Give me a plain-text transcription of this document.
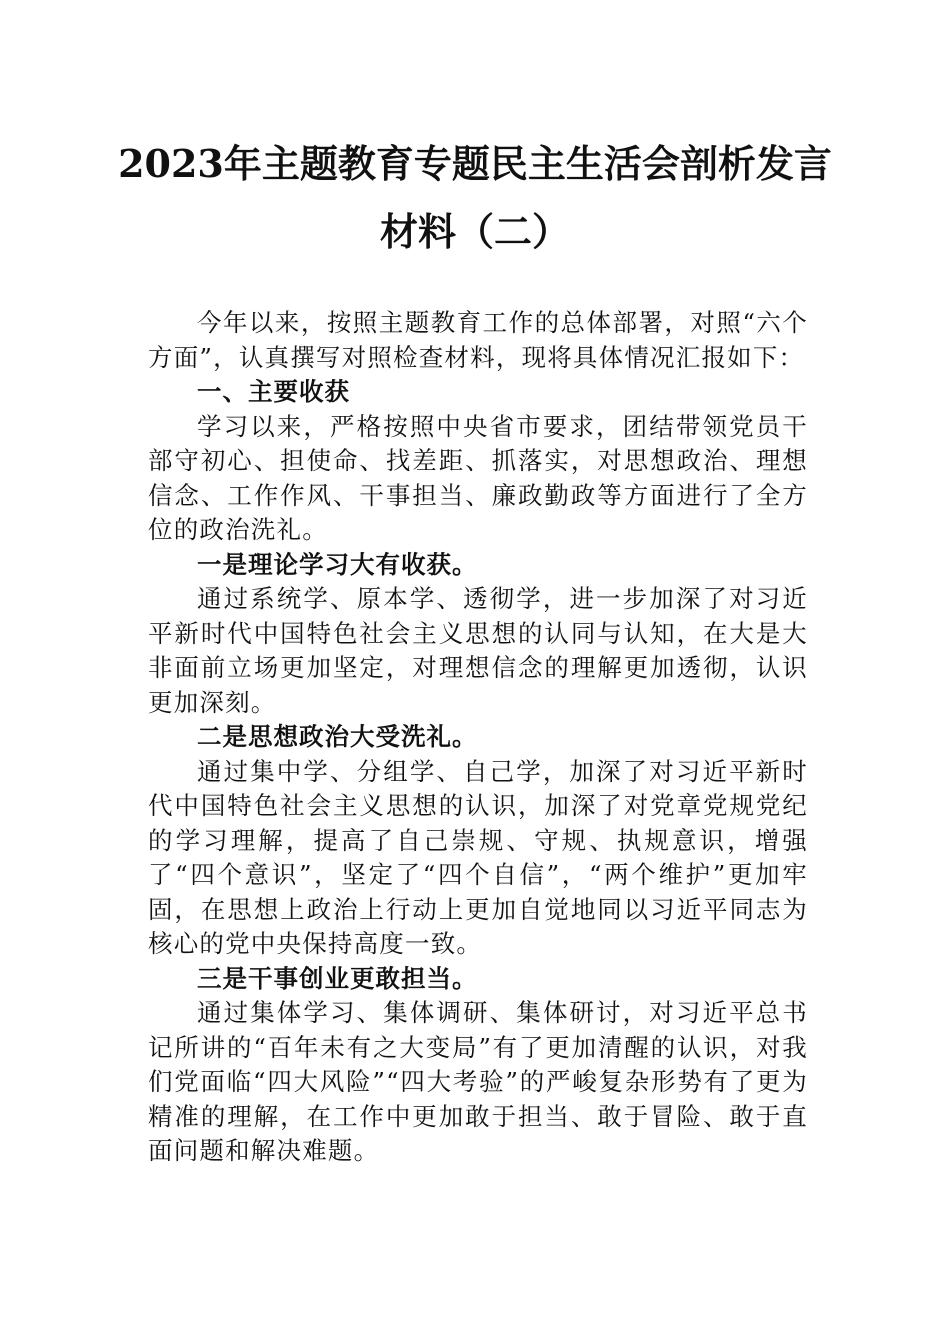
2023年主题教育专题民主生活会剖析发言
材料（二）

今年以来，按照主题教育工作的总体部署，对照“六个方面”，认真撰写对照检查材料，现将具体情况汇报如下：

一、主要收获

学习以来，严格按照中央省市要求，团结带领党员干部守初心、担使命、找差距、抓落实，对思想政治、理想信念、工作作风、干事担当、廉政勤政等方面进行了全方位的政治洗礼。

一是理论学习大有收获。

通过系统学、原本学、透彻学，进一步加深了对习近平新时代中国特色社会主义思想的认同与认知，在大是大非面前立场更加坚定，对理想信念的理解更加透彻，认识更加深刻。

二是思想政治大受洗礼。

通过集中学、分组学、自己学，加深了对习近平新时代中国特色社会主义思想的认识，加深了对党章党规党纪的学习理解，提高了自己崇规、守规、执规意识，增强了“四个意识”，坚定了“四个自信”，“两个维护”更加牢固，在思想上政治上行动上更加自觉地同以习近平同志为核心的党中央保持高度一致。

三是干事创业更敢担当。

通过集体学习、集体调研、集体研讨，对习近平总书记所讲的“百年未有之大变局”有了更加清醒的认识，对我们党面临“四大风险”“四大考验”的严峻复杂形势有了更为精准的理解，在工作中更加敢于担当、敢于冒险、敢于直面问题和解决难题。
